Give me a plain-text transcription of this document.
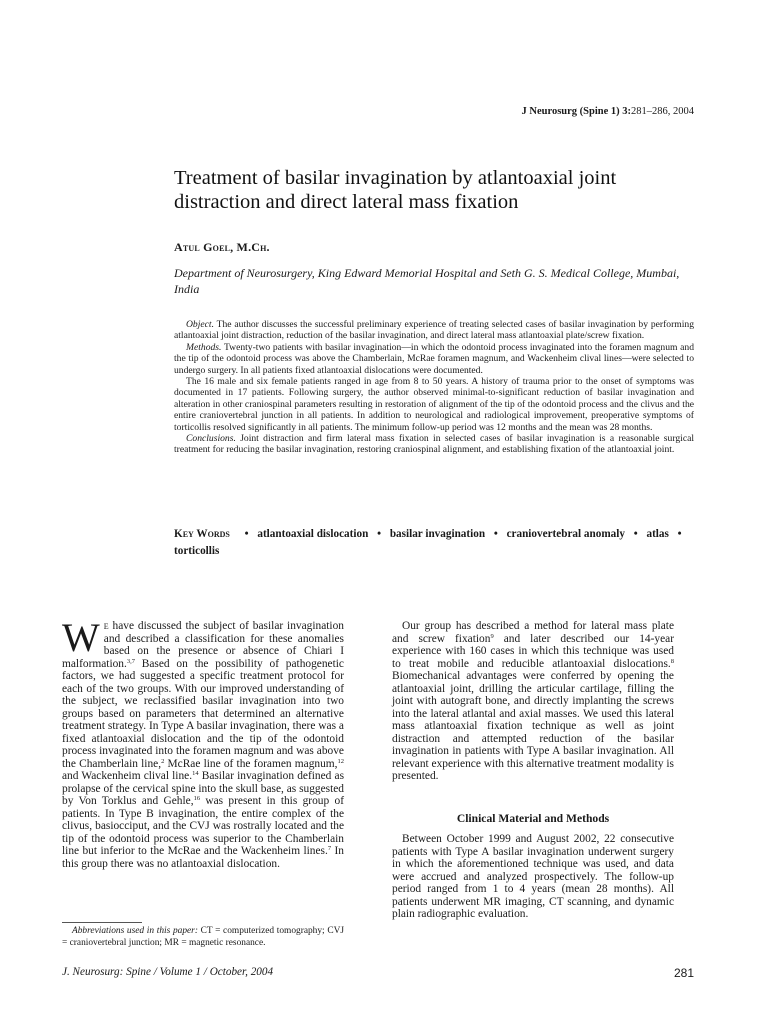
J Neurosurg (Spine 1) 3:281–286, 2004
Treatment of basilar invagination by atlantoaxial joint distraction and direct lateral mass fixation
Atul Goel, M.Ch.
Department of Neurosurgery, King Edward Memorial Hospital and Seth G. S. Medical College, Mumbai, India

Object. The author discusses the successful preliminary experience of treating selected cases of basilar invagination by performing atlantoaxial joint distraction, reduction of the basilar invagination, and direct lateral mass atlantoaxial plate/screw fixation.

Methods. Twenty-two patients with basilar invagination—in which the odontoid process invaginated into the foramen magnum and the tip of the odontoid process was above the Chamberlain, McRae foramen magnum, and Wackenheim clival lines—were selected to undergo surgery. In all patients fixed atlantoaxial dislocations were documented.

The 16 male and six female patients ranged in age from 8 to 50 years. A history of trauma prior to the onset of symptoms was documented in 17 patients. Following surgery, the author observed minimal-to-significant reduction of basilar invagination and alteration in other craniospinal parameters resulting in restoration of alignment of the tip of the odontoid process and the clivus and the entire craniovertebral junction in all patients. In addition to neurological and radiological improvement, preoperative symptoms of torticollis resolved significantly in all patients. The minimum follow-up period was 12 months and the mean was 28 months.

Conclusions. Joint distraction and firm lateral mass fixation in selected cases of basilar invagination is a reasonable surgical treatment for reducing the basilar invagination, restoring craniospinal alignment, and establishing fixation of the atlantoaxial joint.

Key Words • atlantoaxial dislocation • basilar invagination • craniovertebral anomaly • atlas • torticollis

We have discussed the subject of basilar invagination and described a classification for these anomalies based on the presence or absence of Chiari I malformation.$^{3,7}$ Based on the possibility of pathogenetic factors, we had suggested a specific treatment protocol for each of the two groups. With our improved understanding of the subject, we reclassified basilar invagination into two groups based on parameters that determined an alternative treatment strategy. In Type A basilar invagination, there was a fixed atlantoaxial dislocation and the tip of the odontoid process invaginated into the foramen magnum and was above the Chamberlain line,$^2$ McRae line of the foramen magnum,$^{12}$ and Wackenheim clival line.$^{14}$ Basilar invagination defined as prolapse of the cervical spine into the skull base, as suggested by Von Torklus and Gehle,$^{16}$ was present in this group of patients. In Type B invagination, the entire complex of the clivus, basiocciput, and the CVJ was rostrally located and the tip of the odontoid process was superior to the Chamberlain line but inferior to the McRae and the Wackenheim lines.$^7$ In this group there was no atlantoaxial dislocation.

Abbreviations used in this paper: CT = computerized tomography; CVJ = craniovertebral junction; MR = magnetic resonance.

Our group has described a method for lateral mass plate and screw fixation$^9$ and later described our 14-year experience with 160 cases in which this technique was used to treat mobile and reducible atlantoaxial dislocations.$^8$ Biomechanical advantages were conferred by opening the atlantoaxial joint, drilling the articular cartilage, filling the joint with autograft bone, and directly implanting the screws into the lateral atlantal and axial masses. We used this lateral mass atlantoaxial fixation technique as well as joint distraction and attempted reduction of the basilar invagination in patients with Type A basilar invagination. All relevant experience with this alternative treatment modality is presented.

Clinical Material and Methods

Between October 1999 and August 2002, 22 consecutive patients with Type A basilar invagination underwent surgery in which the aforementioned technique was used, and data were accrued and analyzed prospectively. The follow-up period ranged from 1 to 4 years (mean 28 months). All patients underwent MR imaging, CT scanning, and dynamic plain radiographic evaluation.

J. Neurosurg: Spine / Volume 1 / October, 2004	281
